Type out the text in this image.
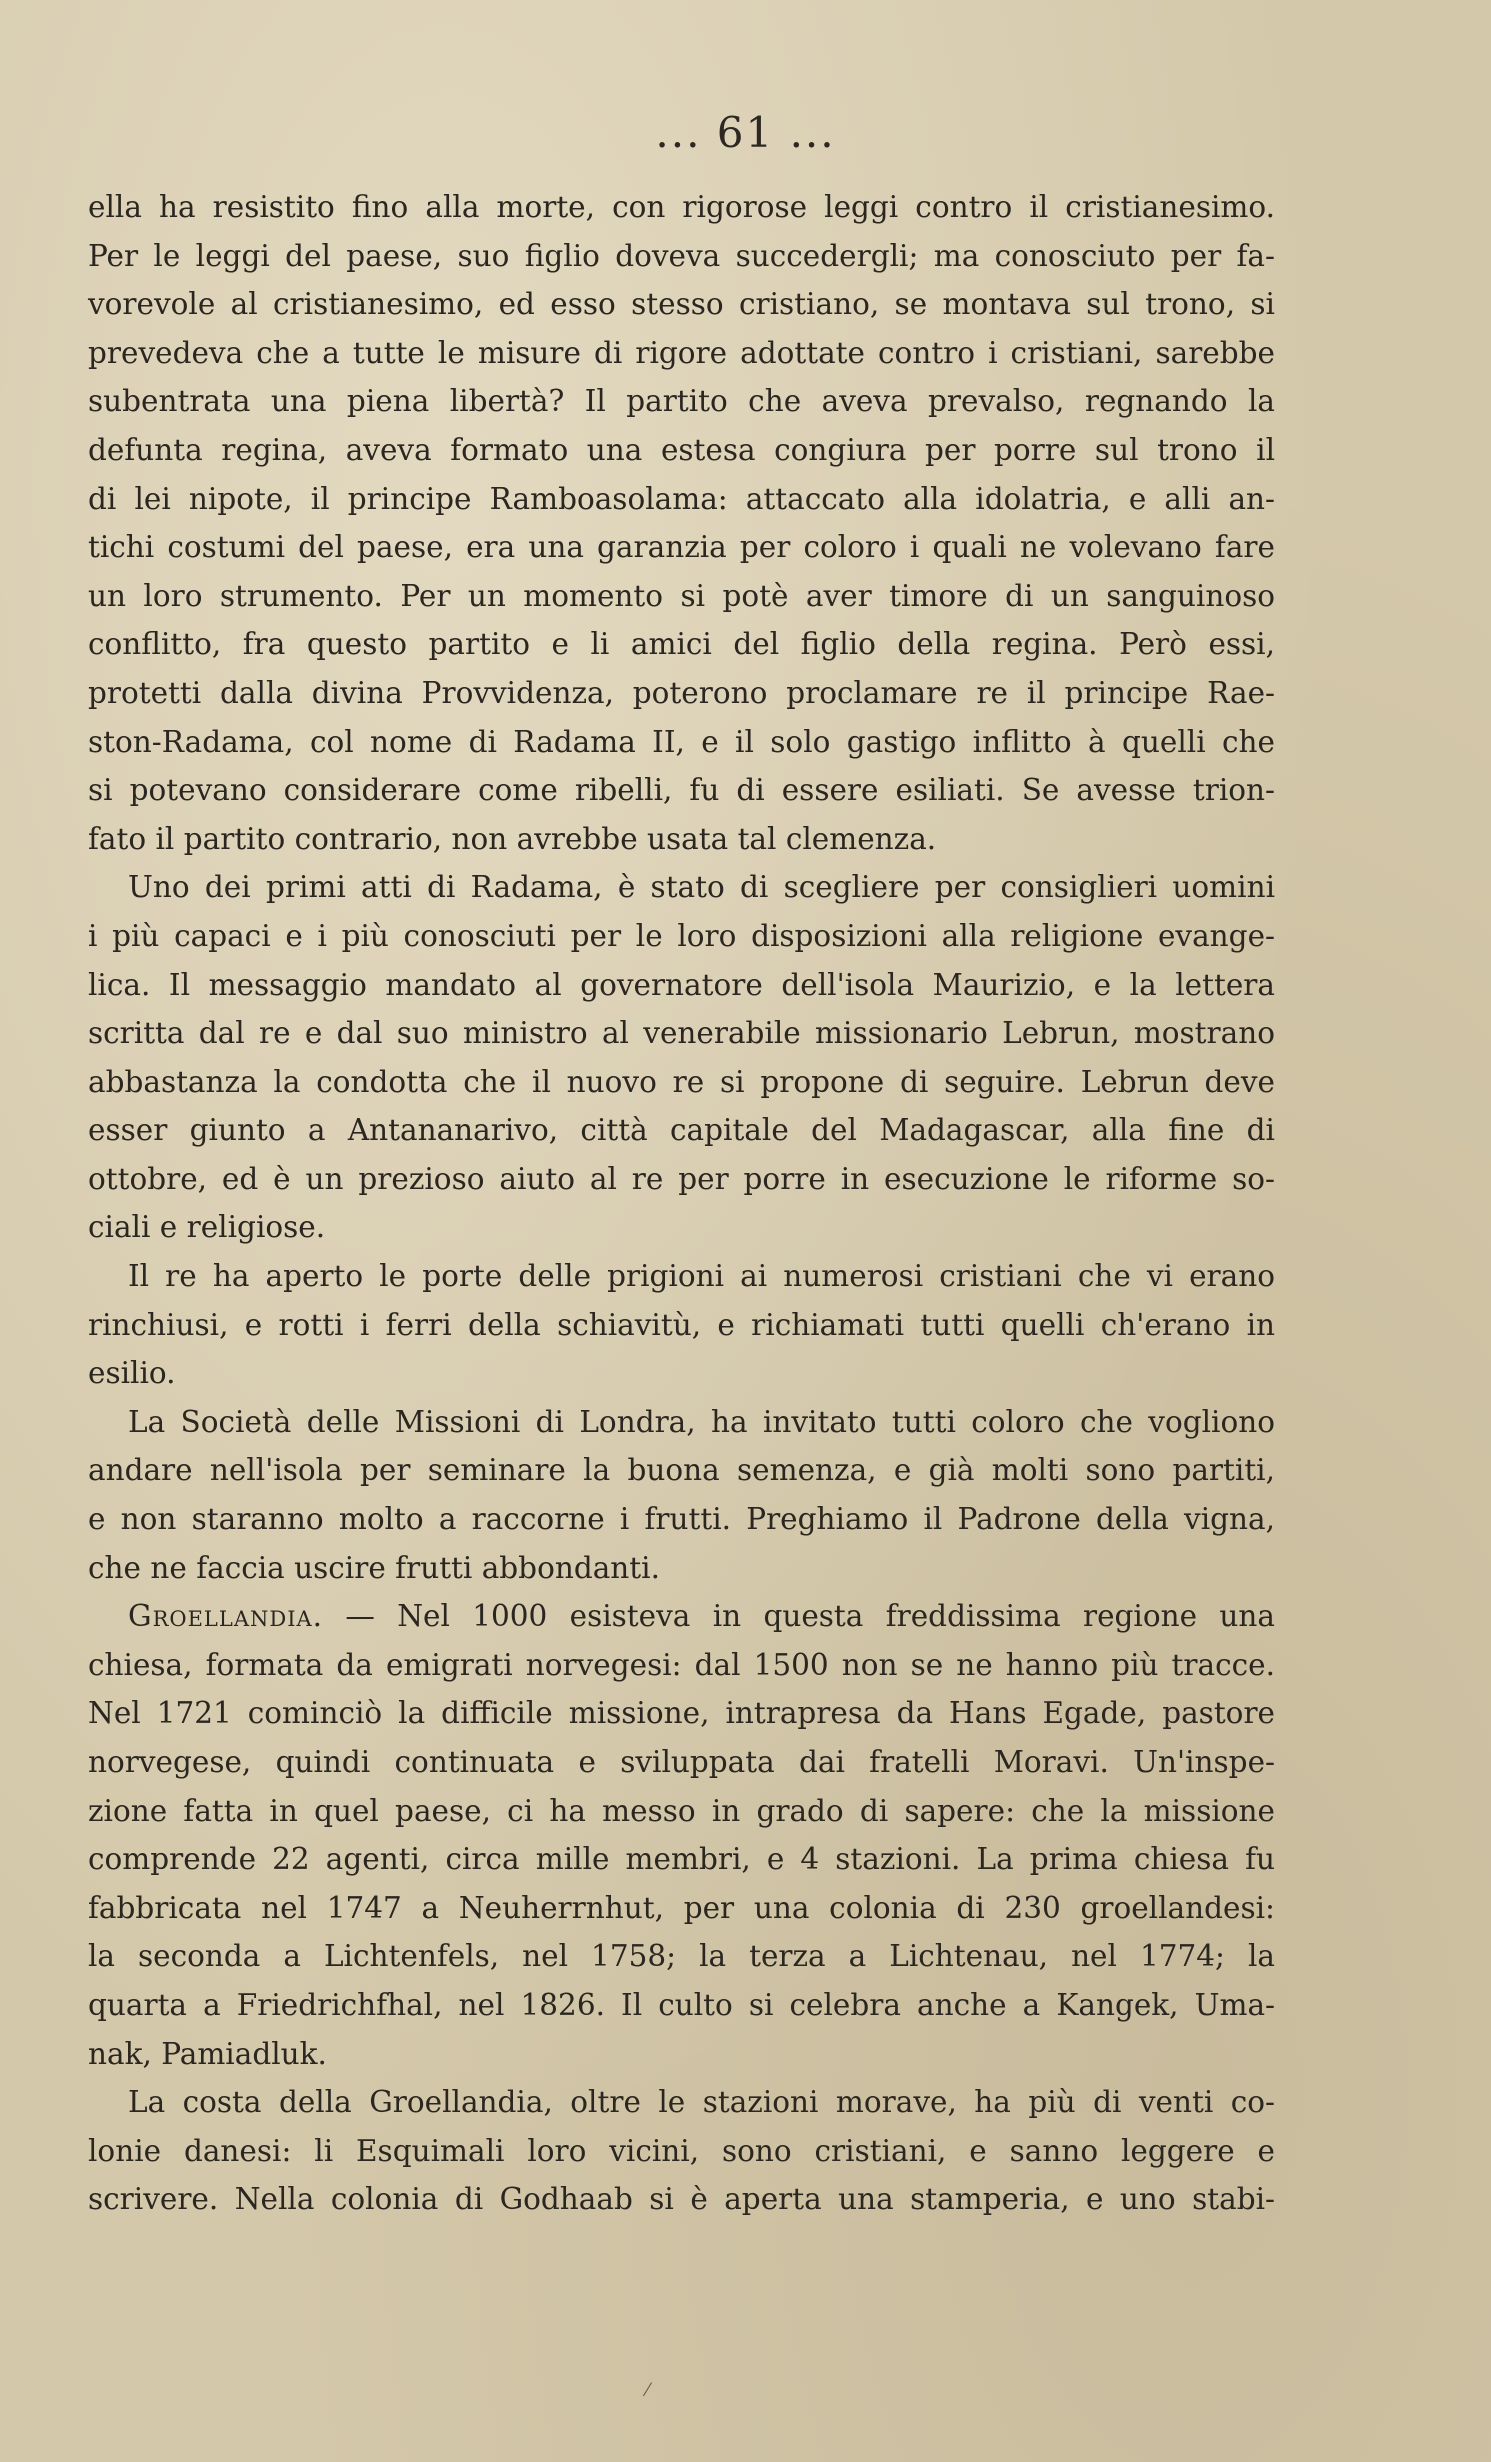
... 61 ...
ella ha resistito fino alla morte, con rigorose leggi contro il cristianesimo.
Per le leggi del paese, suo figlio doveva succedergli; ma conosciuto per fa-
vorevole al cristianesimo, ed esso stesso cristiano, se montava sul trono, si
prevedeva che a tutte le misure di rigore adottate contro i cristiani, sarebbe
subentrata una piena libertà? Il partito che aveva prevalso, regnando la
defunta regina, aveva formato una estesa congiura per porre sul trono il
di lei nipote, il principe Ramboasolama: attaccato alla idolatria, e alli an-
tichi costumi del paese, era una garanzia per coloro i quali ne volevano fare
un loro strumento. Per un momento si potè aver timore di un sanguinoso
conflitto, fra questo partito e li amici del figlio della regina. Però essi,
protetti dalla divina Provvidenza, poterono proclamare re il principe Rae-
ston-Radama, col nome di Radama II, e il solo gastigo inflitto à quelli che
si potevano considerare come ribelli, fu di essere esiliati. Se avesse trion-
fato il partito contrario, non avrebbe usata tal clemenza.
Uno dei primi atti di Radama, è stato di scegliere per consiglieri uomini
i più capaci e i più conosciuti per le loro disposizioni alla religione evange-
lica. Il messaggio mandato al governatore dell'isola Maurizio, e la lettera
scritta dal re e dal suo ministro al venerabile missionario Lebrun, mostrano
abbastanza la condotta che il nuovo re si propone di seguire. Lebrun deve
esser giunto a Antananarivo, città capitale del Madagascar, alla fine di
ottobre, ed è un prezioso aiuto al re per porre in esecuzione le riforme so-
ciali e religiose.
Il re ha aperto le porte delle prigioni ai numerosi cristiani che vi erano
rinchiusi, e rotti i ferri della schiavitù, e richiamati tutti quelli ch'erano in
esilio.
La Società delle Missioni di Londra, ha invitato tutti coloro che vogliono
andare nell'isola per seminare la buona semenza, e già molti sono partiti,
e non staranno molto a raccorne i frutti. Preghiamo il Padrone della vigna,
che ne faccia uscire frutti abbondanti.
Groellandia. — Nel 1000 esisteva in questa freddissima regione una
chiesa, formata da emigrati norvegesi: dal 1500 non se ne hanno più tracce.
Nel 1721 cominciò la difficile missione, intrapresa da Hans Egade, pastore
norvegese, quindi continuata e sviluppata dai fratelli Moravi. Un'inspe-
zione fatta in quel paese, ci ha messo in grado di sapere: che la missione
comprende 22 agenti, circa mille membri, e 4 stazioni. La prima chiesa fu
fabbricata nel 1747 a Neuherrnhut, per una colonia di 230 groellandesi:
la seconda a Lichtenfels, nel 1758; la terza a Lichtenau, nel 1774; la
quarta a Friedrichfhal, nel 1826. Il culto si celebra anche a Kangek, Uma-
nak, Pamiadluk.
La costa della Groellandia, oltre le stazioni morave, ha più di venti co-
lonie danesi: li Esquimali loro vicini, sono cristiani, e sanno leggere e
scrivere. Nella colonia di Godhaab si è aperta una stamperia, e uno stabi-
⁄
